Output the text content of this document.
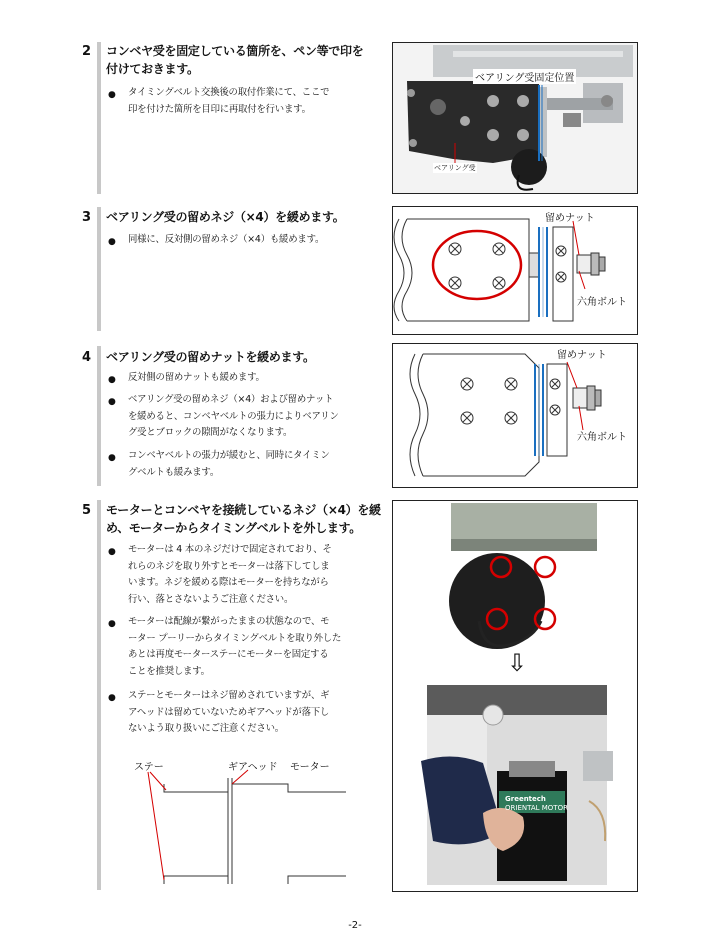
2 コンベヤ受を固定している箇所を、ペン等で印を
付けておきます。
● タイミングベルト交換後の取付作業にて、ここで
印を付けた箇所を目印に再取付を行います。
ベアリング受固定位置
ベアリング受
3 ベアリング受の留めネジ（×4）を緩めます。
● 同様に、反対側の留めネジ（×4）も緩めます。
留めナット
六角ボルト
4 ベアリング受の留めナットを緩めます。
● 反対側の留めナットも緩めます。
● ベアリング受の留めネジ（×4）および留めナット
を緩めると、コンベヤベルトの張力によりベアリン
グ受とブロックの隙間がなくなります。
● コンベヤベルトの張力が緩むと、同時にタイミン
グベルトも緩みます。
留めナット
六角ボルト
5 モーターとコンベヤを接続しているネジ（×4）を緩
め、モーターからタイミングベルトを外します。
● モーターは 4 本のネジだけで固定されており、そ
れらのネジを取り外すとモーターは落下してしま
います。ネジを緩める際はモーターを持ちながら
行い、落とさないようご注意ください。
● モーターは配線が繋がったままの状態なので、モ
ーター プーリーからタイミングベルトを取り外した
あとは再度モーターステーにモーターを固定する
ことを推奨します。
● ステーとモーターはネジ留めされていますが、ギ
アヘッドは留めていないためギアヘッドが落下し
ないよう取り扱いにご注意ください。
ステー	ギアヘッド モーター
⇩
Greentech
ORIENTAL MOTOR
-2-
